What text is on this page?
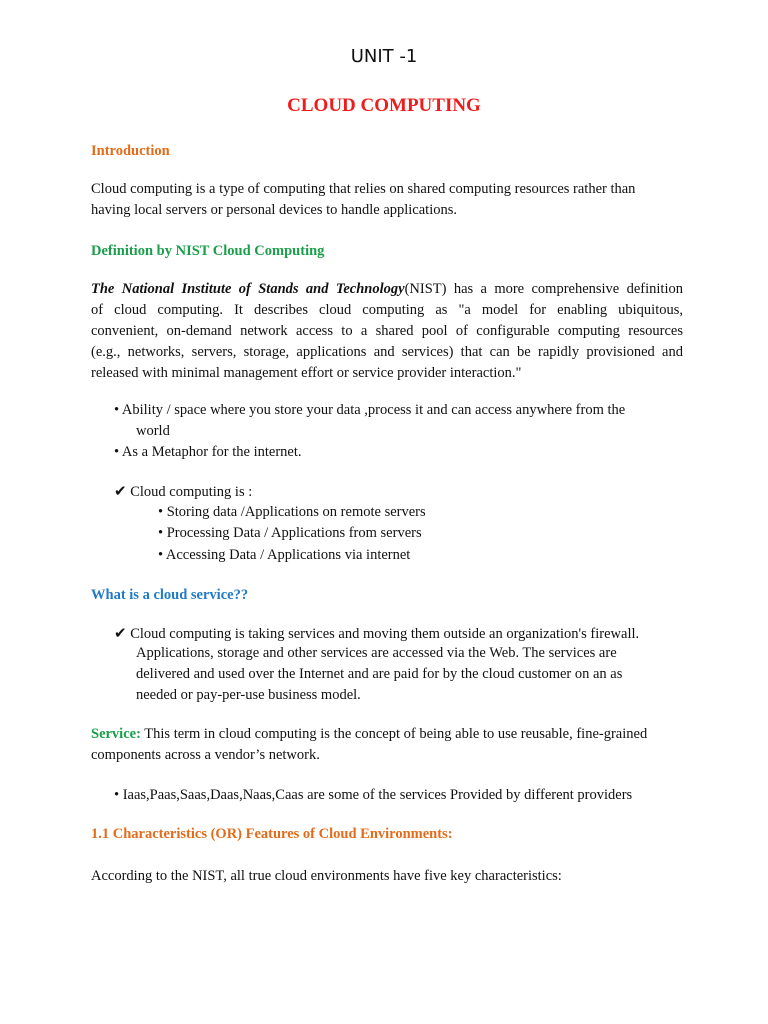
UNIT -1
CLOUD COMPUTING
Introduction
Cloud computing is a type of computing that relies on shared computing resources rather than
having local servers or personal devices to handle applications.
Definition by NIST Cloud Computing
The National Institute of Stands and Technology(NIST) has a more comprehensive definition
of cloud computing. It describes cloud computing as "a model for enabling ubiquitous,
convenient, on-demand network access to a shared pool of configurable computing resources
(e.g., networks, servers, storage, applications and services) that can be rapidly provisioned and
released with minimal management effort or service provider interaction."
• Ability / space where you store your data ,process it and can access anywhere from the
world
• As a Metaphor for the internet.
✔ Cloud computing is :
• Storing data /Applications on remote servers
• Processing Data / Applications from servers
• Accessing Data / Applications via internet
What is a cloud service??
✔ Cloud computing is taking services and moving them outside an organization's firewall.
Applications, storage and other services are accessed via the Web. The services are
delivered and used over the Internet and are paid for by the cloud customer on an as
needed or pay-per-use business model.
Service: This term in cloud computing is the concept of being able to use reusable, fine-grained
components across a vendor’s network.
• Iaas,Paas,Saas,Daas,Naas,Caas are some of the services Provided by different providers
1.1 Characteristics (OR) Features of Cloud Environments:
According to the NIST, all true cloud environments have five key characteristics:
